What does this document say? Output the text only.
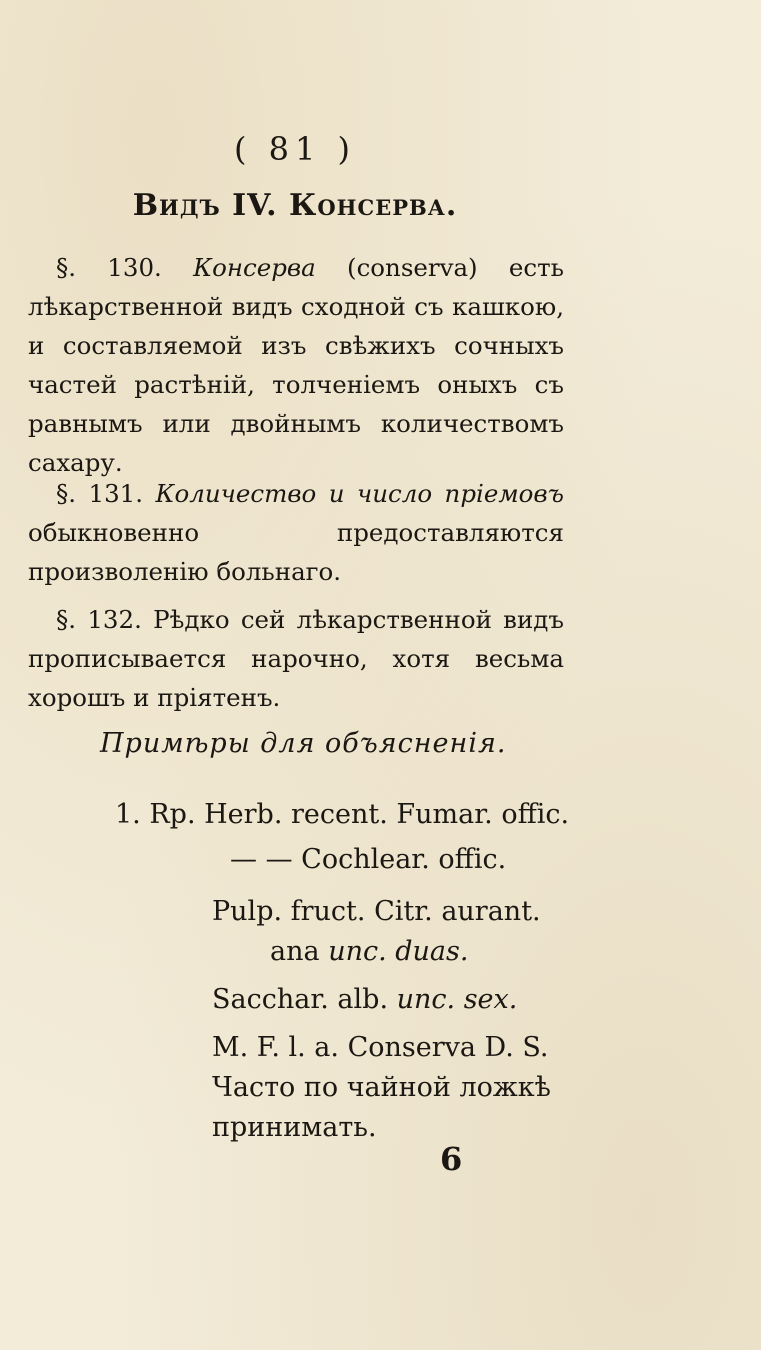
( 81 )
Видъ IV. Консерва.

§. 130. Консерва (conserva) есть лѣкарственной видъ сходной съ кашкою, и составляемой изъ свѣжихъ сочныхъ частей растѣній, толченіемъ оныхъ съ равнымъ или двойнымъ количествомъ сахару.

§. 131. Количество и число пріемовъ обыкновенно предоставляются произволенію больнаго.

§. 132. Рѣдко сей лѣкарственной видъ прописывается нарочно, хотя весьма хорошъ и пріятенъ.

Примѣры для объясненія.
1. Rp. Herb. recent. Fumar. offic.
— — Cochlear. offic.
Pulp. fruct. Citr. aurant.
ana unc. duas.
Sacchar. alb. unc. sex.
M. F. l. a. Conserva D. S.
Часто по чайной ложкѣ
принимать.
6
